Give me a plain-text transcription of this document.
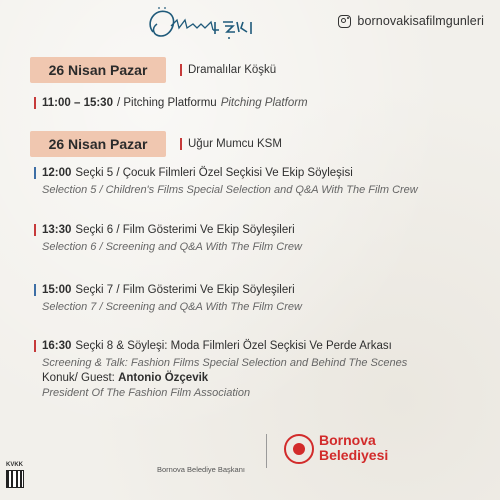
bornovakisafilmgunleri
26 Nisan Pazar	Dramalılar Köşkü
11:00 – 15:30 / Pitching Platformu Pitching Platform
26 Nisan Pazar	Uğur Mumcu KSM
12:00 Seçki 5 / Çocuk Filmleri Özel Seçkisi Ve Ekip Söyleşisi
Selection 5 / Children's Films Special Selection and Q&A With The Film Crew
13:30 Seçki 6 / Film Gösterimi Ve Ekip Söyleşileri
Selection 6 / Screening and Q&A With The Film Crew
15:00 Seçki 7 / Film Gösterimi Ve Ekip Söyleşileri
Selection 7 / Screening and Q&A With The Film Crew
16:30 Seçki 8 & Söyleşi: Moda Filmleri Özel Seçkisi Ve Perde Arkası
Screening & Talk: Fashion Films Special Selection and Behind The Scenes
Konuk/ Guest: Antonio Özçevik
President Of The Fashion Film Association
Bornova Belediye Başkanı
Bornova
Belediyesi
KVKK
